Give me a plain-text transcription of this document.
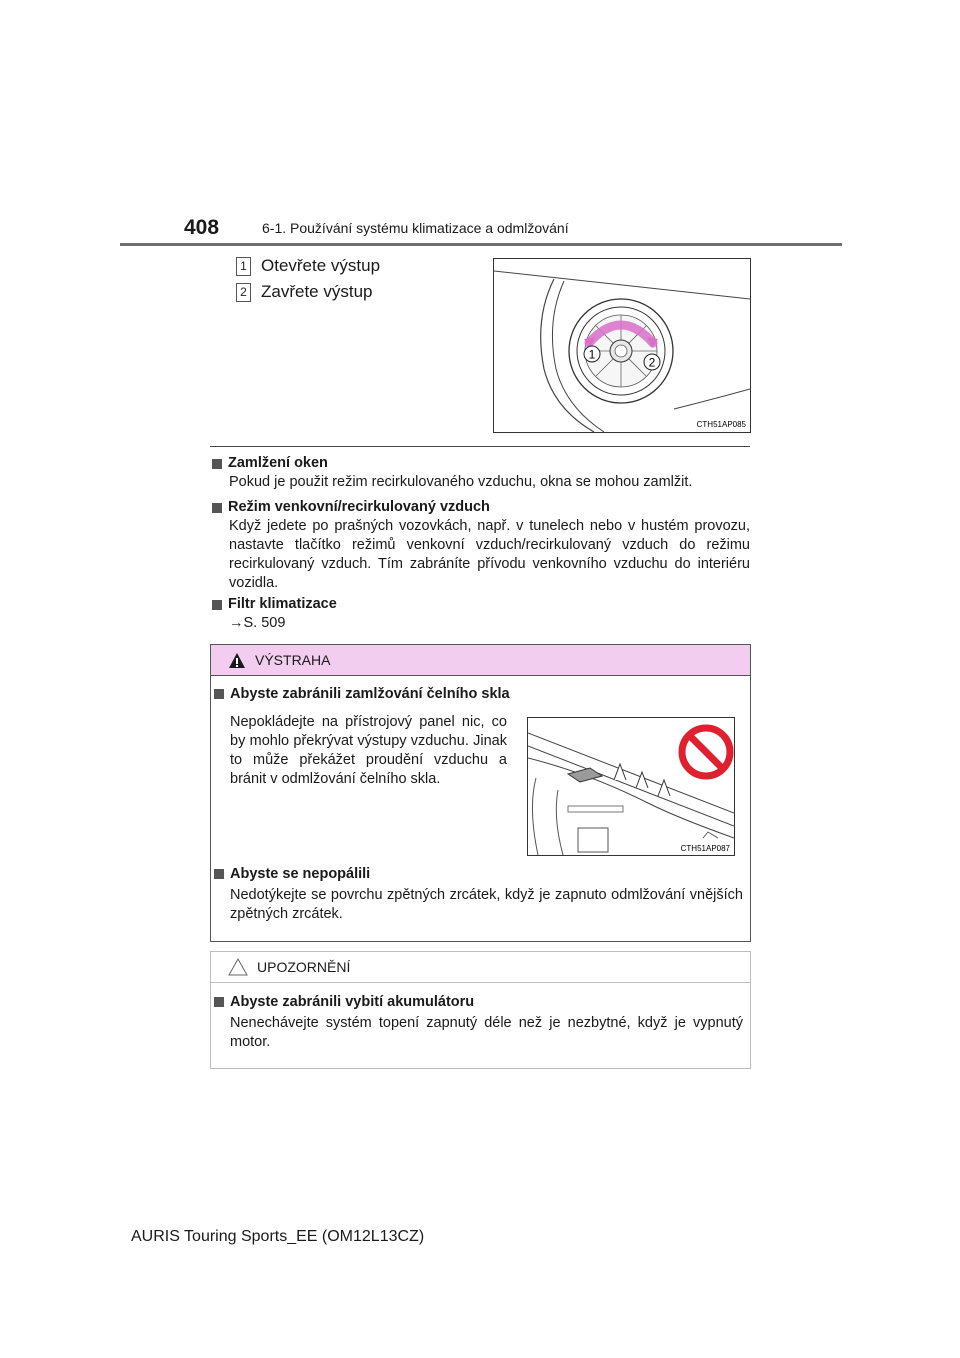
408	6-1. Používání systému klimatizace a odmlžování
1 Otevřete výstup
2 Zavřete výstup
1
2
CTH51AP085
Zamlžení oken
Pokud je použit režim recirkulovaného vzduchu, okna se mohou zamlžit.
Režim venkovní/recirkulovaný vzduch
Když jedete po prašných vozovkách, např. v tunelech nebo v hustém provozu, nastavte tlačítko režimů venkovní vzduch/recirkulovaný vzduch do režimu recirkulovaný vzduch. Tím zabráníte přívodu venkovního vzduchu do interiéru vozidla.
Filtr klimatizace
→S. 509
VÝSTRAHA
Abyste zabránili zamlžování čelního skla
Nepokládejte na přístrojový panel nic, co by mohlo překrývat výstupy vzduchu. Jinak to může překážet proudění vzduchu a bránit v odmlžování čelního skla.
CTH51AP087
Abyste se nepopálili
Nedotýkejte se povrchu zpětných zrcátek, když je zapnuto odmlžování vnějších zpětných zrcátek.
UPOZORNĚNÍ
Abyste zabránili vybití akumulátoru
Nenechávejte systém topení zapnutý déle než je nezbytné, když je vypnutý motor.
AURIS Touring Sports_EE (OM12L13CZ)
